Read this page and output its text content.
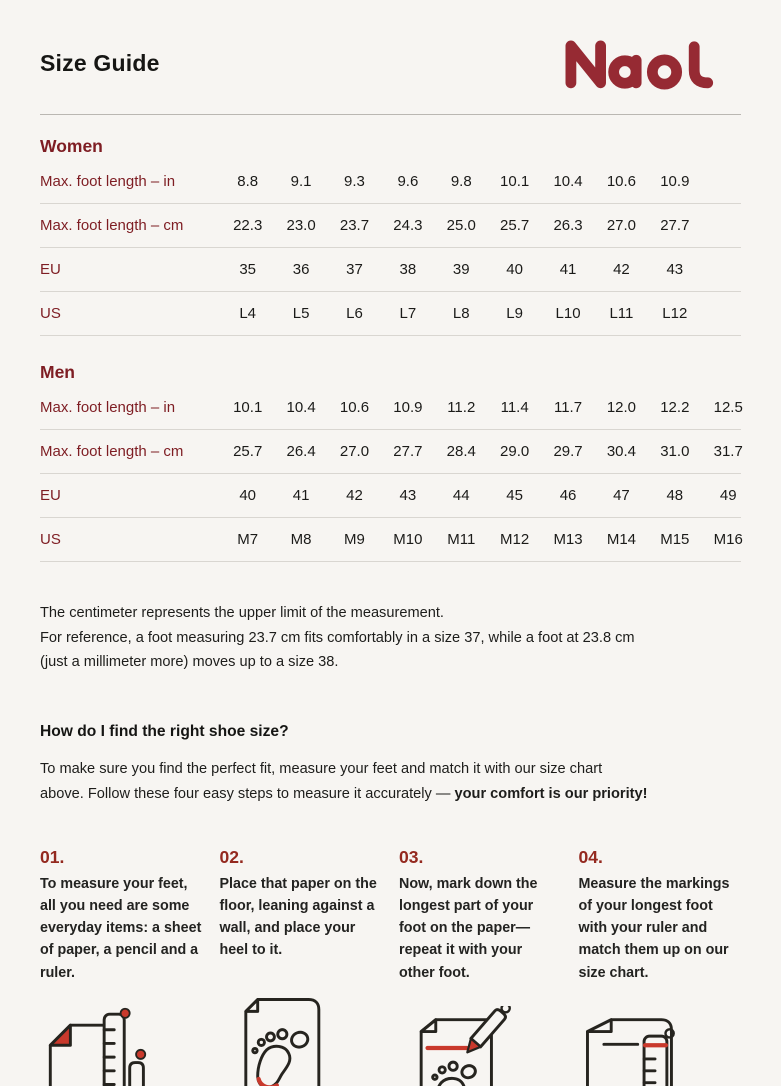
Size Guide
Women
Max. foot length – in	8.8	9.1	9.3	9.6	9.8	10.1	10.4	10.6	10.9
Max. foot length – cm	22.3	23.0	23.7	24.3	25.0	25.7	26.3	27.0	27.7
EU	35	36	37	38	39	40	41	42	43
US	L4	L5	L6	L7	L8	L9	L10	L11	L12
Men
Max. foot length – in	10.1	10.4	10.6	10.9	11.2	11.4	11.7	12.0	12.2	12.5
Max. foot length – cm	25.7	26.4	27.0	27.7	28.4	29.0	29.7	30.4	31.0	31.7
EU	40	41	42	43	44	45	46	47	48	49
US	M7	M8	M9	M10	M11	M12	M13	M14	M15	M16
The centimeter represents the upper limit of the measurement.
For reference, a foot measuring 23.7 cm fits comfortably in a size 37, while a foot at 23.8 cm
(just a millimeter more) moves up to a size 38.
How do I find the right shoe size?
To make sure you find the perfect fit, measure your feet and match it with our size chart
above. Follow these four easy steps to measure it accurately — your comfort is our priority!
01.
To measure your feet, all you need are some everyday items: a sheet of paper, a pencil and a ruler.
02.
Place that paper on the floor, leaning against a wall, and place your heel to it.
03.
Now, mark down the longest part of your foot on the paper—repeat it with your other foot.
04.
Measure the markings of your longest foot with your ruler and match them up on our size chart.
